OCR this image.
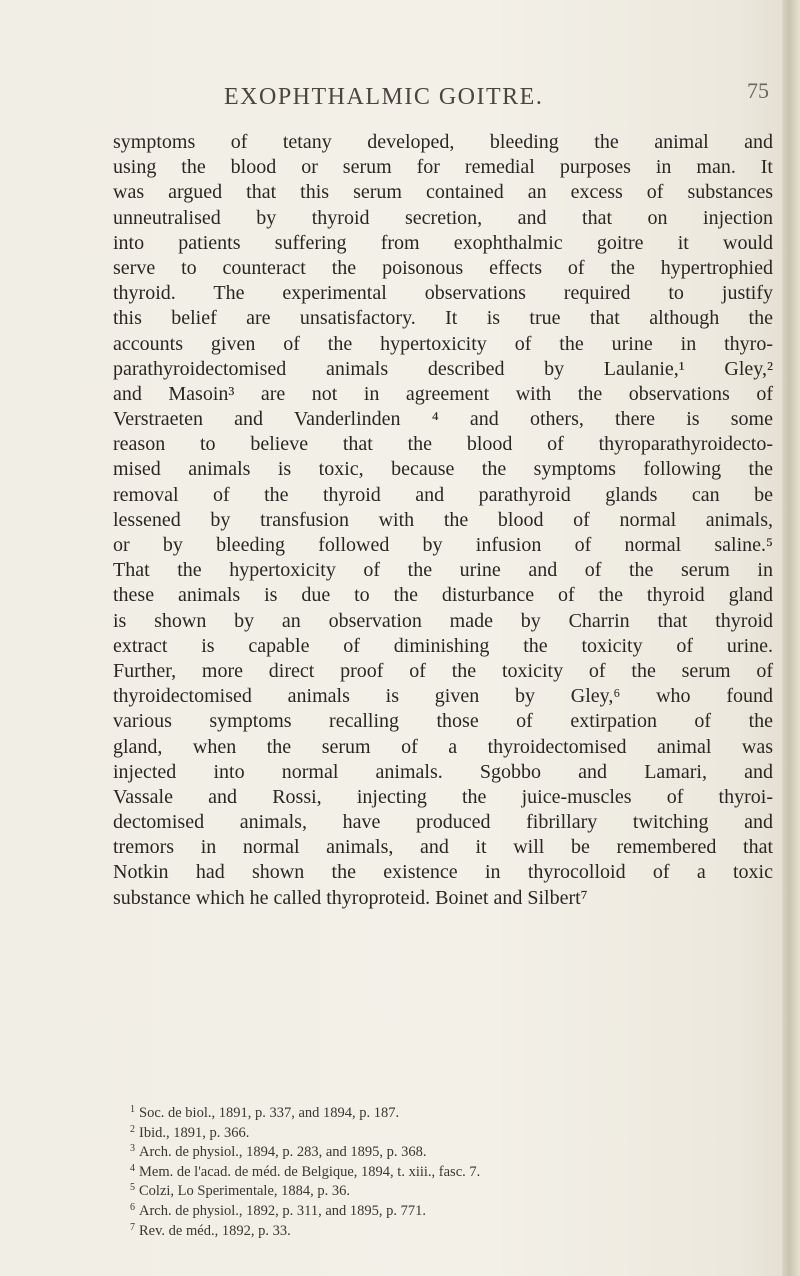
EXOPHTHALMIC GOITRE.	75
symptoms of tetany developed, bleeding the animal and
using the blood or serum for remedial purposes in man. It
was argued that this serum contained an excess of substances
unneutralised by thyroid secretion, and that on injection
into patients suffering from exophthalmic goitre it would
serve to counteract the poisonous effects of the hypertrophied
thyroid. The experimental observations required to justify
this belief are unsatisfactory. It is true that although the
accounts given of the hypertoxicity of the urine in thyro-
parathyroidectomised animals described by Laulanie,¹ Gley,²
and Masoin³ are not in agreement with the observations of
Verstraeten and Vanderlinden ⁴ and others, there is some
reason to believe that the blood of thyroparathyroidecto-
mised animals is toxic, because the symptoms following the
removal of the thyroid and parathyroid glands can be
lessened by transfusion with the blood of normal animals,
or by bleeding followed by infusion of normal saline.⁵
That the hypertoxicity of the urine and of the serum in
these animals is due to the disturbance of the thyroid gland
is shown by an observation made by Charrin that thyroid
extract is capable of diminishing the toxicity of urine.
Further, more direct proof of the toxicity of the serum of
thyroidectomised animals is given by Gley,⁶ who found
various symptoms recalling those of extirpation of the
gland, when the serum of a thyroidectomised animal was
injected into normal animals. Sgobbo and Lamari, and
Vassale and Rossi, injecting the juice-muscles of thyroi-
dectomised animals, have produced fibrillary twitching and
tremors in normal animals, and it will be remembered that
Notkin had shown the existence in thyrocolloid of a toxic
substance which he called thyroproteid. Boinet and Silbert⁷
$^1$ Soc. de biol., 1891, p. 337, and 1894, p. 187.
$^2$ Ibid., 1891, p. 366.
$^3$ Arch. de physiol., 1894, p. 283, and 1895, p. 368.
$^4$ Mem. de l'acad. de méd. de Belgique, 1894, t. xiii., fasc. 7.
$^5$ Colzi, Lo Sperimentale, 1884, p. 36.
$^6$ Arch. de physiol., 1892, p. 311, and 1895, p. 771.
$^7$ Rev. de méd., 1892, p. 33.
